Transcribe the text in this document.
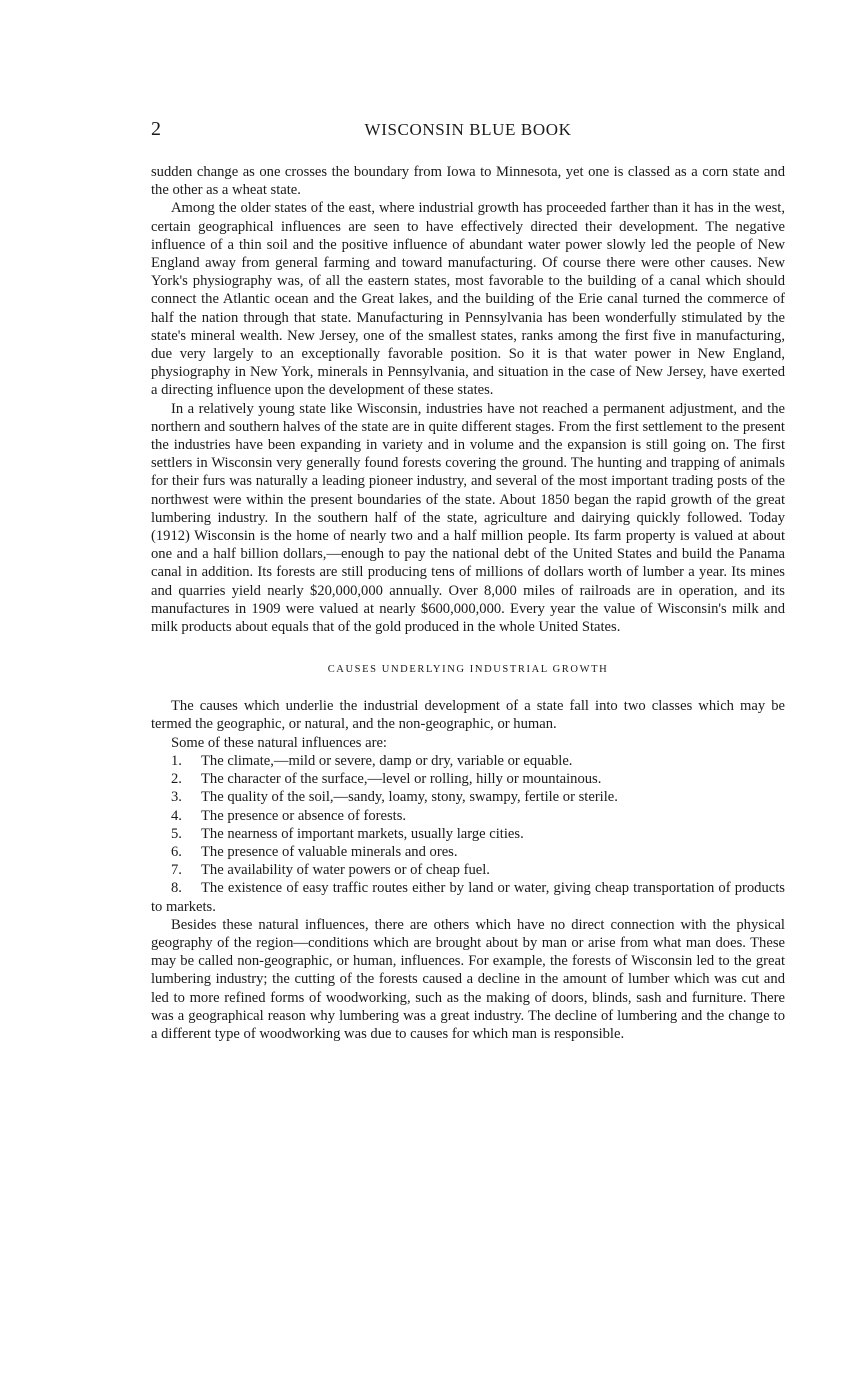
2	WISCONSIN BLUE BOOK

sudden change as one crosses the boundary from Iowa to Minnesota, yet one is classed as a corn state and the other as a wheat state.

Among the older states of the east, where industrial growth has proceeded farther than it has in the west, certain geographical influences are seen to have effectively directed their development. The negative influence of a thin soil and the positive influence of abundant water power slowly led the people of New England away from general farming and toward manufacturing. Of course there were other causes. New York's physiography was, of all the eastern states, most favorable to the building of a canal which should connect the Atlantic ocean and the Great lakes, and the building of the Erie canal turned the commerce of half the nation through that state. Manufacturing in Pennsylvania has been wonderfully stimulated by the state's mineral wealth. New Jersey, one of the smallest states, ranks among the first five in manufacturing, due very largely to an exceptionally favorable position. So it is that water power in New England, physiography in New York, minerals in Pennsylvania, and situation in the case of New Jersey, have exerted a directing influence upon the development of these states.

In a relatively young state like Wisconsin, industries have not reached a permanent adjustment, and the northern and southern halves of the state are in quite different stages. From the first settlement to the present the industries have been expanding in variety and in volume and the expansion is still going on. The first settlers in Wisconsin very generally found forests covering the ground. The hunting and trapping of animals for their furs was naturally a leading pioneer industry, and several of the most important trading posts of the northwest were within the present boundaries of the state. About 1850 began the rapid growth of the great lumbering industry. In the southern half of the state, agriculture and dairying quickly followed. Today (1912) Wisconsin is the home of nearly two and a half million people. Its farm property is valued at about one and a half billion dollars,—enough to pay the national debt of the United States and build the Panama canal in addition. Its forests are still producing tens of millions of dollars worth of lumber a year. Its mines and quarries yield nearly $20,000,000 annually. Over 8,000 miles of railroads are in operation, and its manufactures in 1909 were valued at nearly $600,000,000. Every year the value of Wisconsin's milk and milk products about equals that of the gold produced in the whole United States.

CAUSES UNDERLYING INDUSTRIAL GROWTH

The causes which underlie the industrial development of a state fall into two classes which may be termed the geographic, or natural, and the non-geographic, or human.

Some of these natural influences are:

1. The climate,—mild or severe, damp or dry, variable or equable.
2. The character of the surface,—level or rolling, hilly or mountainous.
3. The quality of the soil,—sandy, loamy, stony, swampy, fertile or sterile.
4. The presence or absence of forests.
5. The nearness of important markets, usually large cities.
6. The presence of valuable minerals and ores.
7. The availability of water powers or of cheap fuel.
8. The existence of easy traffic routes either by land or water, giving cheap transportation of products to markets.

Besides these natural influences, there are others which have no direct connection with the physical geography of the region—conditions which are brought about by man or arise from what man does. These may be called non-geographic, or human, influences. For example, the forests of Wisconsin led to the great lumbering industry; the cutting of the forests caused a decline in the amount of lumber which was cut and led to more refined forms of woodworking, such as the making of doors, blinds, sash and furniture. There was a geographical reason why lumbering was a great industry. The decline of lumbering and the change to a different type of woodworking was due to causes for which man is responsible.
